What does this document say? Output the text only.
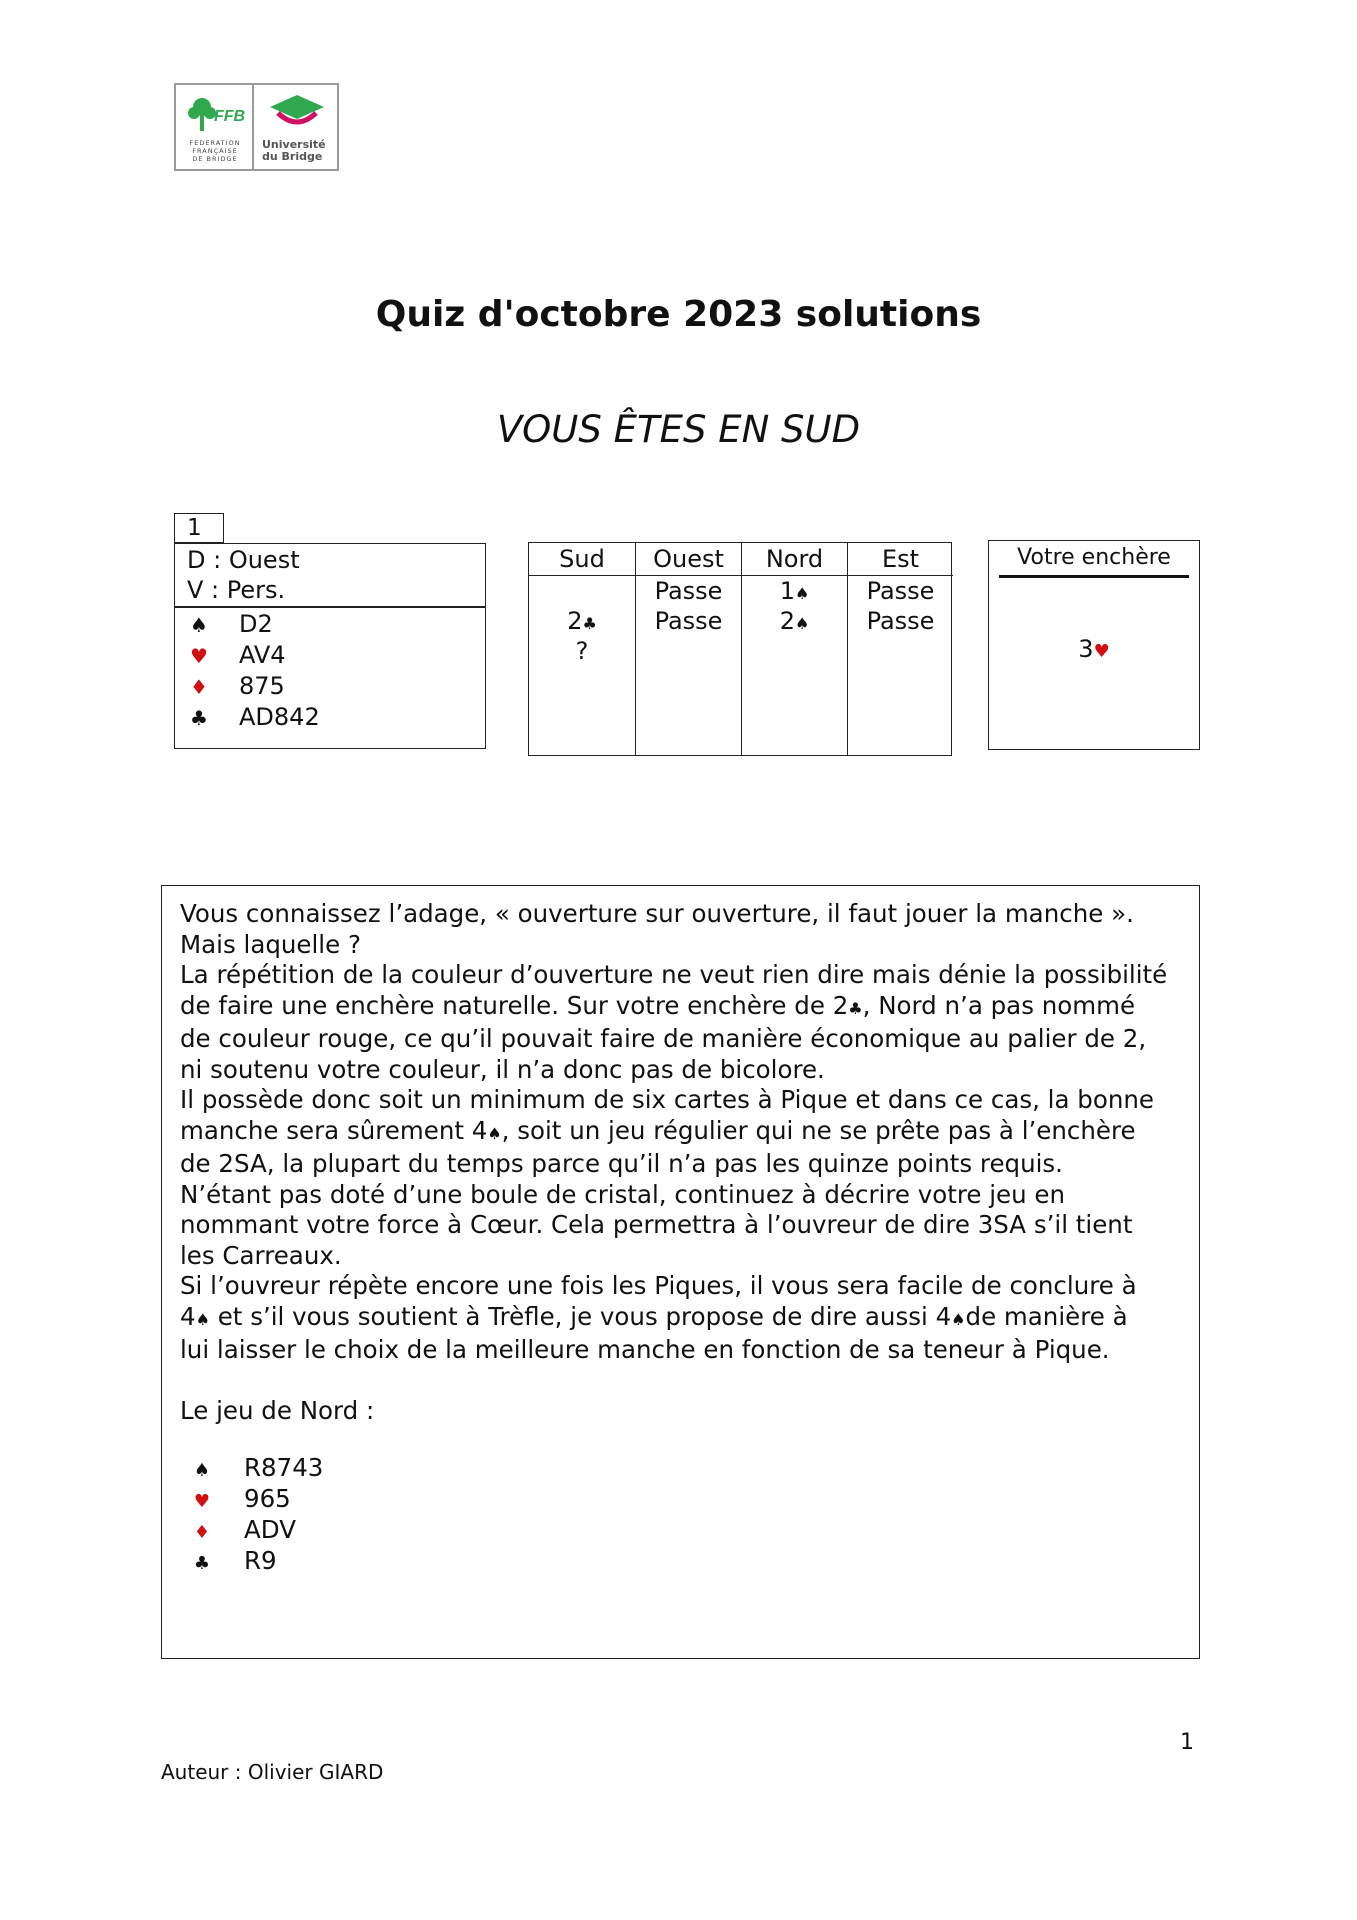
FFB
FEDERATION
FRANÇAISE
DE BRIDGE
Université
du Bridge
Quiz d'octobre 2023 solutions
VOUS ÊTES EN SUD
1
D : Ouest
V : Pers.
♠ D2
♥ AV4
♦ 875
♣ AD842
Sud
2♣
?
Ouest
Passe
Passe
Nord
1♠
2♠
Est
Passe
Passe
Votre enchère
3♥
Vous connaissez l’adage, « ouverture sur ouverture, il faut jouer la manche ».
Mais laquelle ?
La répétition de la couleur d’ouverture ne veut rien dire mais dénie la possibilité
de faire une enchère naturelle. Sur votre enchère de 2♣, Nord n’a pas nommé
de couleur rouge, ce qu’il pouvait faire de manière économique au palier de 2,
ni soutenu votre couleur, il n’a donc pas de bicolore.
Il possède donc soit un minimum de six cartes à Pique et dans ce cas, la bonne
manche sera sûrement 4♠, soit un jeu régulier qui ne se prête pas à l’enchère
de 2SA, la plupart du temps parce qu’il n’a pas les quinze points requis.
N’étant pas doté d’une boule de cristal, continuez à décrire votre jeu en
nommant votre force à Cœur. Cela permettra à l’ouvreur de dire 3SA s’il tient
les Carreaux.
Si l’ouvreur répète encore une fois les Piques, il vous sera facile de conclure à
4♠ et s’il vous soutient à Trèfle, je vous propose de dire aussi 4♠de manière à
lui laisser le choix de la meilleure manche en fonction de sa teneur à Pique.
Le jeu de Nord :
♠ R8743
♥ 965
♦ ADV
♣ R9
1
Auteur : Olivier GIARD
